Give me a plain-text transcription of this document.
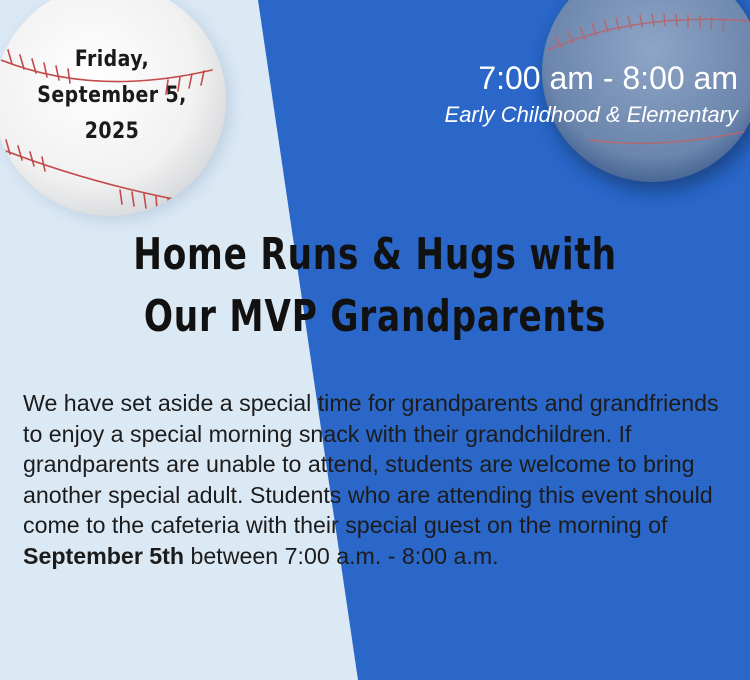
Friday,
September 5,
2025
7:00 am - 8:00 am
Early Childhood & Elementary
Home Runs & Hugs with
Our MVP Grandparents
We have set aside a special time for grandparents and grandfriends to enjoy a special morning snack with their grandchildren. If grandparents are unable to attend, students are welcome to bring another special adult. Students who are attending this event should come to the cafeteria with their special guest on the morning of September 5th between 7:00 a.m. - 8:00 a.m.
